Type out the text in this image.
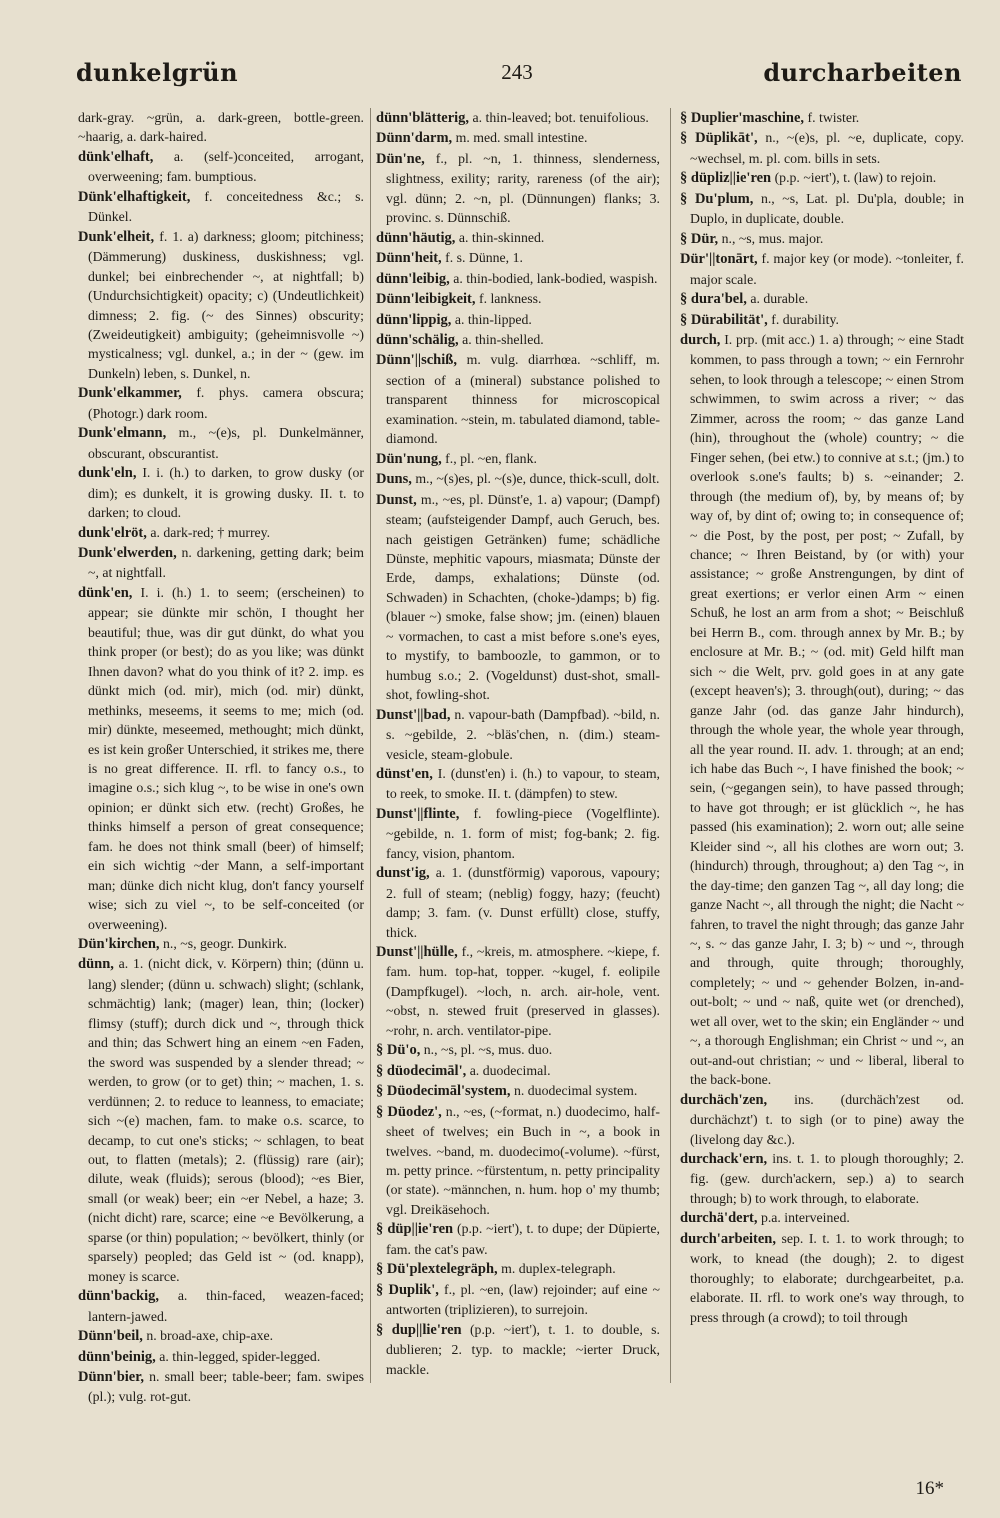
dunkelgrün	243	durcharbeiten

dark-gray. ~grün, a. dark-green, bottle-green. ~haarig, a. dark-haired.

dünk'elhaft, a. (self-)conceited, arrogant, overweening; fam. bumptious.

Dünk'elhaftigkeit, f. conceitedness &c.; s. Dünkel.

Dunk'elheit, f. 1. a) darkness; gloom; pitchiness; (Dämmerung) duskiness, duskishness; vgl. dunkel; bei einbrechender ~, at nightfall; b) (Undurchsichtigkeit) opacity; c) (Undeutlichkeit) dimness; 2. fig. (~ des Sinnes) obscurity; (Zweideutigkeit) ambiguity; (geheimnisvolle ~) mysticalness; vgl. dunkel, a.; in der ~ (gew. im Dunkeln) leben, s. Dunkel, n.

Dunk'elkammer, f. phys. camera obscura; (Photogr.) dark room.

Dunk'elmann, m., ~(e)s, pl. Dunkelmänner, obscurant, obscurantist.

dunk'eln, I. i. (h.) to darken, to grow dusky (or dim); es dunkelt, it is growing dusky. II. t. to darken; to cloud.

dunk'elröt, a. dark-red; † murrey.

Dunk'elwerden, n. darkening, getting dark; beim ~, at nightfall.

dünk'en, I. i. (h.) 1. to seem; (erscheinen) to appear; sie dünkte mir schön, I thought her beautiful; thue, was dir gut dünkt, do what you think proper (or best); do as you like; was dünkt Ihnen davon? what do you think of it? 2. imp. es dünkt mich (od. mir), mich (od. mir) dünkt, methinks, meseems, it seems to me; mich (od. mir) dünkte, meseemed, methought; mich dünkt, es ist kein großer Unterschied, it strikes me, there is no great difference. II. rfl. to fancy o.s., to imagine o.s.; sich klug ~, to be wise in one's own opinion; er dünkt sich etw. (recht) Großes, he thinks himself a person of great consequence; fam. he does not think small (beer) of himself; ein sich wichtig ~der Mann, a self-important man; dünke dich nicht klug, don't fancy yourself wise; sich zu viel ~, to be self-conceited (or overweening).

Dün'kirchen, n., ~s, geogr. Dunkirk.

dünn, a. 1. (nicht dick, v. Körpern) thin; (dünn u. lang) slender; (dünn u. schwach) slight; (schlank, schmächtig) lank; (mager) lean, thin; (locker) flimsy (stuff); durch dick und ~, through thick and thin; das Schwert hing an einem ~en Faden, the sword was suspended by a slender thread; ~ werden, to grow (or to get) thin; ~ machen, 1. s. verdünnen; 2. to reduce to leanness, to emaciate; sich ~(e) machen, fam. to make o.s. scarce, to decamp, to cut one's sticks; ~ schlagen, to beat out, to flatten (metals); 2. (flüssig) rare (air); dilute, weak (fluids); serous (blood); ~es Bier, small (or weak) beer; ein ~er Nebel, a haze; 3. (nicht dicht) rare, scarce; eine ~e Bevölkerung, a sparse (or thin) population; ~ bevölkert, thinly (or sparsely) peopled; das Geld ist ~ (od. knapp), money is scarce.

dünn'backig, a. thin-faced, weazen-faced; lantern-jawed.

Dünn'beil, n. broad-axe, chip-axe.

dünn'beinig, a. thin-legged, spider-legged.

Dünn'bier, n. small beer; table-beer; fam. swipes (pl.); vulg. rot-gut.

dünn'blätterig, a. thin-leaved; bot. tenuifolious.

Dünn'darm, m. med. small intestine.

Dün'ne, f., pl. ~n, 1. thinness, slenderness, slightness, exility; rarity, rareness (of the air); vgl. dünn; 2. ~n, pl. (Dünnungen) flanks; 3. provinc. s. Dünnschiß.

dünn'häutig, a. thin-skinned.

Dünn'heit, f. s. Dünne, 1.

dünn'leibig, a. thin-bodied, lank-bodied, waspish.

Dünn'leibigkeit, f. lankness.

dünn'lippig, a. thin-lipped.

dünn'schälig, a. thin-shelled.

Dünn'||schiß, m. vulg. diarrhœa. ~schliff, m. section of a (mineral) substance polished to transparent thinness for microscopical examination. ~stein, m. tabulated diamond, table-diamond.

Dün'nung, f., pl. ~en, flank.

Duns, m., ~(s)es, pl. ~(s)e, dunce, thick-scull, dolt.

Dunst, m., ~es, pl. Dünst'e, 1. a) vapour; (Dampf) steam; (aufsteigender Dampf, auch Geruch, bes. nach geistigen Getränken) fume; schädliche Dünste, mephitic vapours, miasmata; Dünste der Erde, damps, exhalations; Dünste (od. Schwaden) in Schachten, (choke-)damps; b) fig. (blauer ~) smoke, false show; jm. (einen) blauen ~ vormachen, to cast a mist before s.one's eyes, to mystify, to bamboozle, to gammon, or to humbug s.o.; 2. (Vogeldunst) dust-shot, small-shot, fowling-shot.

Dunst'||bad, n. vapour-bath (Dampfbad). ~bild, n. s. ~gebilde, 2. ~bläs'chen, n. (dim.) steam-vesicle, steam-globule.

dünst'en, I. (dunst'en) i. (h.) to vapour, to steam, to reek, to smoke. II. t. (dämpfen) to stew.

Dunst'||flinte, f. fowling-piece (Vogelflinte). ~gebilde, n. 1. form of mist; fog-bank; 2. fig. fancy, vision, phantom.

dunst'ig, a. 1. (dunstförmig) vaporous, vapoury; 2. full of steam; (neblig) foggy, hazy; (feucht) damp; 3. fam. (v. Dunst erfüllt) close, stuffy, thick.

Dunst'||hülle, f., ~kreis, m. atmosphere. ~kiepe, f. fam. hum. top-hat, topper. ~kugel, f. eolipile (Dampfkugel). ~loch, n. arch. air-hole, vent. ~obst, n. stewed fruit (preserved in glasses). ~rohr, n. arch. ventilator-pipe.

§ Dü'o, n., ~s, pl. ~s, mus. duo.

§ düodecimāl', a. duodecimal.

§ Düodecimāl'system, n. duodecimal system.

§ Düodez', n., ~es, (~format, n.) duodecimo, half-sheet of twelves; ein Buch in ~, a book in twelves. ~band, m. duodecimo(-volume). ~fürst, m. petty prince. ~fürstentum, n. petty principality (or state). ~männchen, n. hum. hop o' my thumb; vgl. Dreikäsehoch.

§ düp||ie'ren (p.p. ~iert'), t. to dupe; der Düpierte, fam. the cat's paw.

§ Dü'plextelegräph, m. duplex-telegraph.

§ Duplik', f., pl. ~en, (law) rejoinder; auf eine ~ antworten (triplizieren), to surrejoin.

§ dup||lie'ren (p.p. ~iert'), t. 1. to double, s. dublieren; 2. typ. to mackle; ~ierter Druck, mackle.

§ Duplier'maschine, f. twister.

§ Düplikāt', n., ~(e)s, pl. ~e, duplicate, copy. ~wechsel, m. pl. com. bills in sets.

§ düpliz||ie'ren (p.p. ~iert'), t. (law) to rejoin.

§ Du'plum, n., ~s, Lat. pl. Du'pla, double; in Duplo, in duplicate, double.

§ Dür, n., ~s, mus. major.

Dür'||tonārt, f. major key (or mode). ~tonleiter, f. major scale.

§ dura'bel, a. durable.

§ Dürabilität', f. durability.

durch, I. prp. (mit acc.) 1. a) through; ~ eine Stadt kommen, to pass through a town; ~ ein Fernrohr sehen, to look through a telescope; ~ einen Strom schwimmen, to swim across a river; ~ das Zimmer, across the room; ~ das ganze Land (hin), throughout the (whole) country; ~ die Finger sehen, (bei etw.) to connive at s.t.; (jm.) to overlook s.one's faults; b) s. ~einander; 2. through (the medium of), by, by means of; by way of, by dint of; owing to; in consequence of; ~ die Post, by the post, per post; ~ Zufall, by chance; ~ Ihren Beistand, by (or with) your assistance; ~ große Anstrengungen, by dint of great exertions; er verlor einen Arm ~ einen Schuß, he lost an arm from a shot; ~ Beischluß bei Herrn B., com. through annex by Mr. B.; by enclosure at Mr. B.; ~ (od. mit) Geld hilft man sich ~ die Welt, prv. gold goes in at any gate (except heaven's); 3. through(out), during; ~ das ganze Jahr (od. das ganze Jahr hindurch), through the whole year, the whole year through, all the year round. II. adv. 1. through; at an end; ich habe das Buch ~, I have finished the book; ~ sein, (~gegangen sein), to have passed through; to have got through; er ist glücklich ~, he has passed (his examination); 2. worn out; alle seine Kleider sind ~, all his clothes are worn out; 3. (hindurch) through, throughout; a) den Tag ~, in the day-time; den ganzen Tag ~, all day long; die ganze Nacht ~, all through the night; die Nacht ~ fahren, to travel the night through; das ganze Jahr ~, s. ~ das ganze Jahr, I. 3; b) ~ und ~, through and through, quite through; thoroughly, completely; ~ und ~ gehender Bolzen, in-and-out-bolt; ~ und ~ naß, quite wet (or drenched), wet all over, wet to the skin; ein Engländer ~ und ~, a thorough Englishman; ein Christ ~ und ~, an out-and-out christian; ~ und ~ liberal, liberal to the back-bone.

durchäch'zen, ins. (durchäch'zest od. durchächzt') t. to sigh (or to pine) away the (livelong day &c.).

durchack'ern, ins. t. 1. to plough thoroughly; 2. fig. (gew. durch'ackern, sep.) a) to search through; b) to work through, to elaborate.

durchä'dert, p.a. interveined.

durch'arbeiten, sep. I. t. 1. to work through; to work, to knead (the dough); 2. to digest thoroughly; to elaborate; durchgearbeitet, p.a. elaborate. II. rfl. to work one's way through, to press through (a crowd); to toil through

16*
